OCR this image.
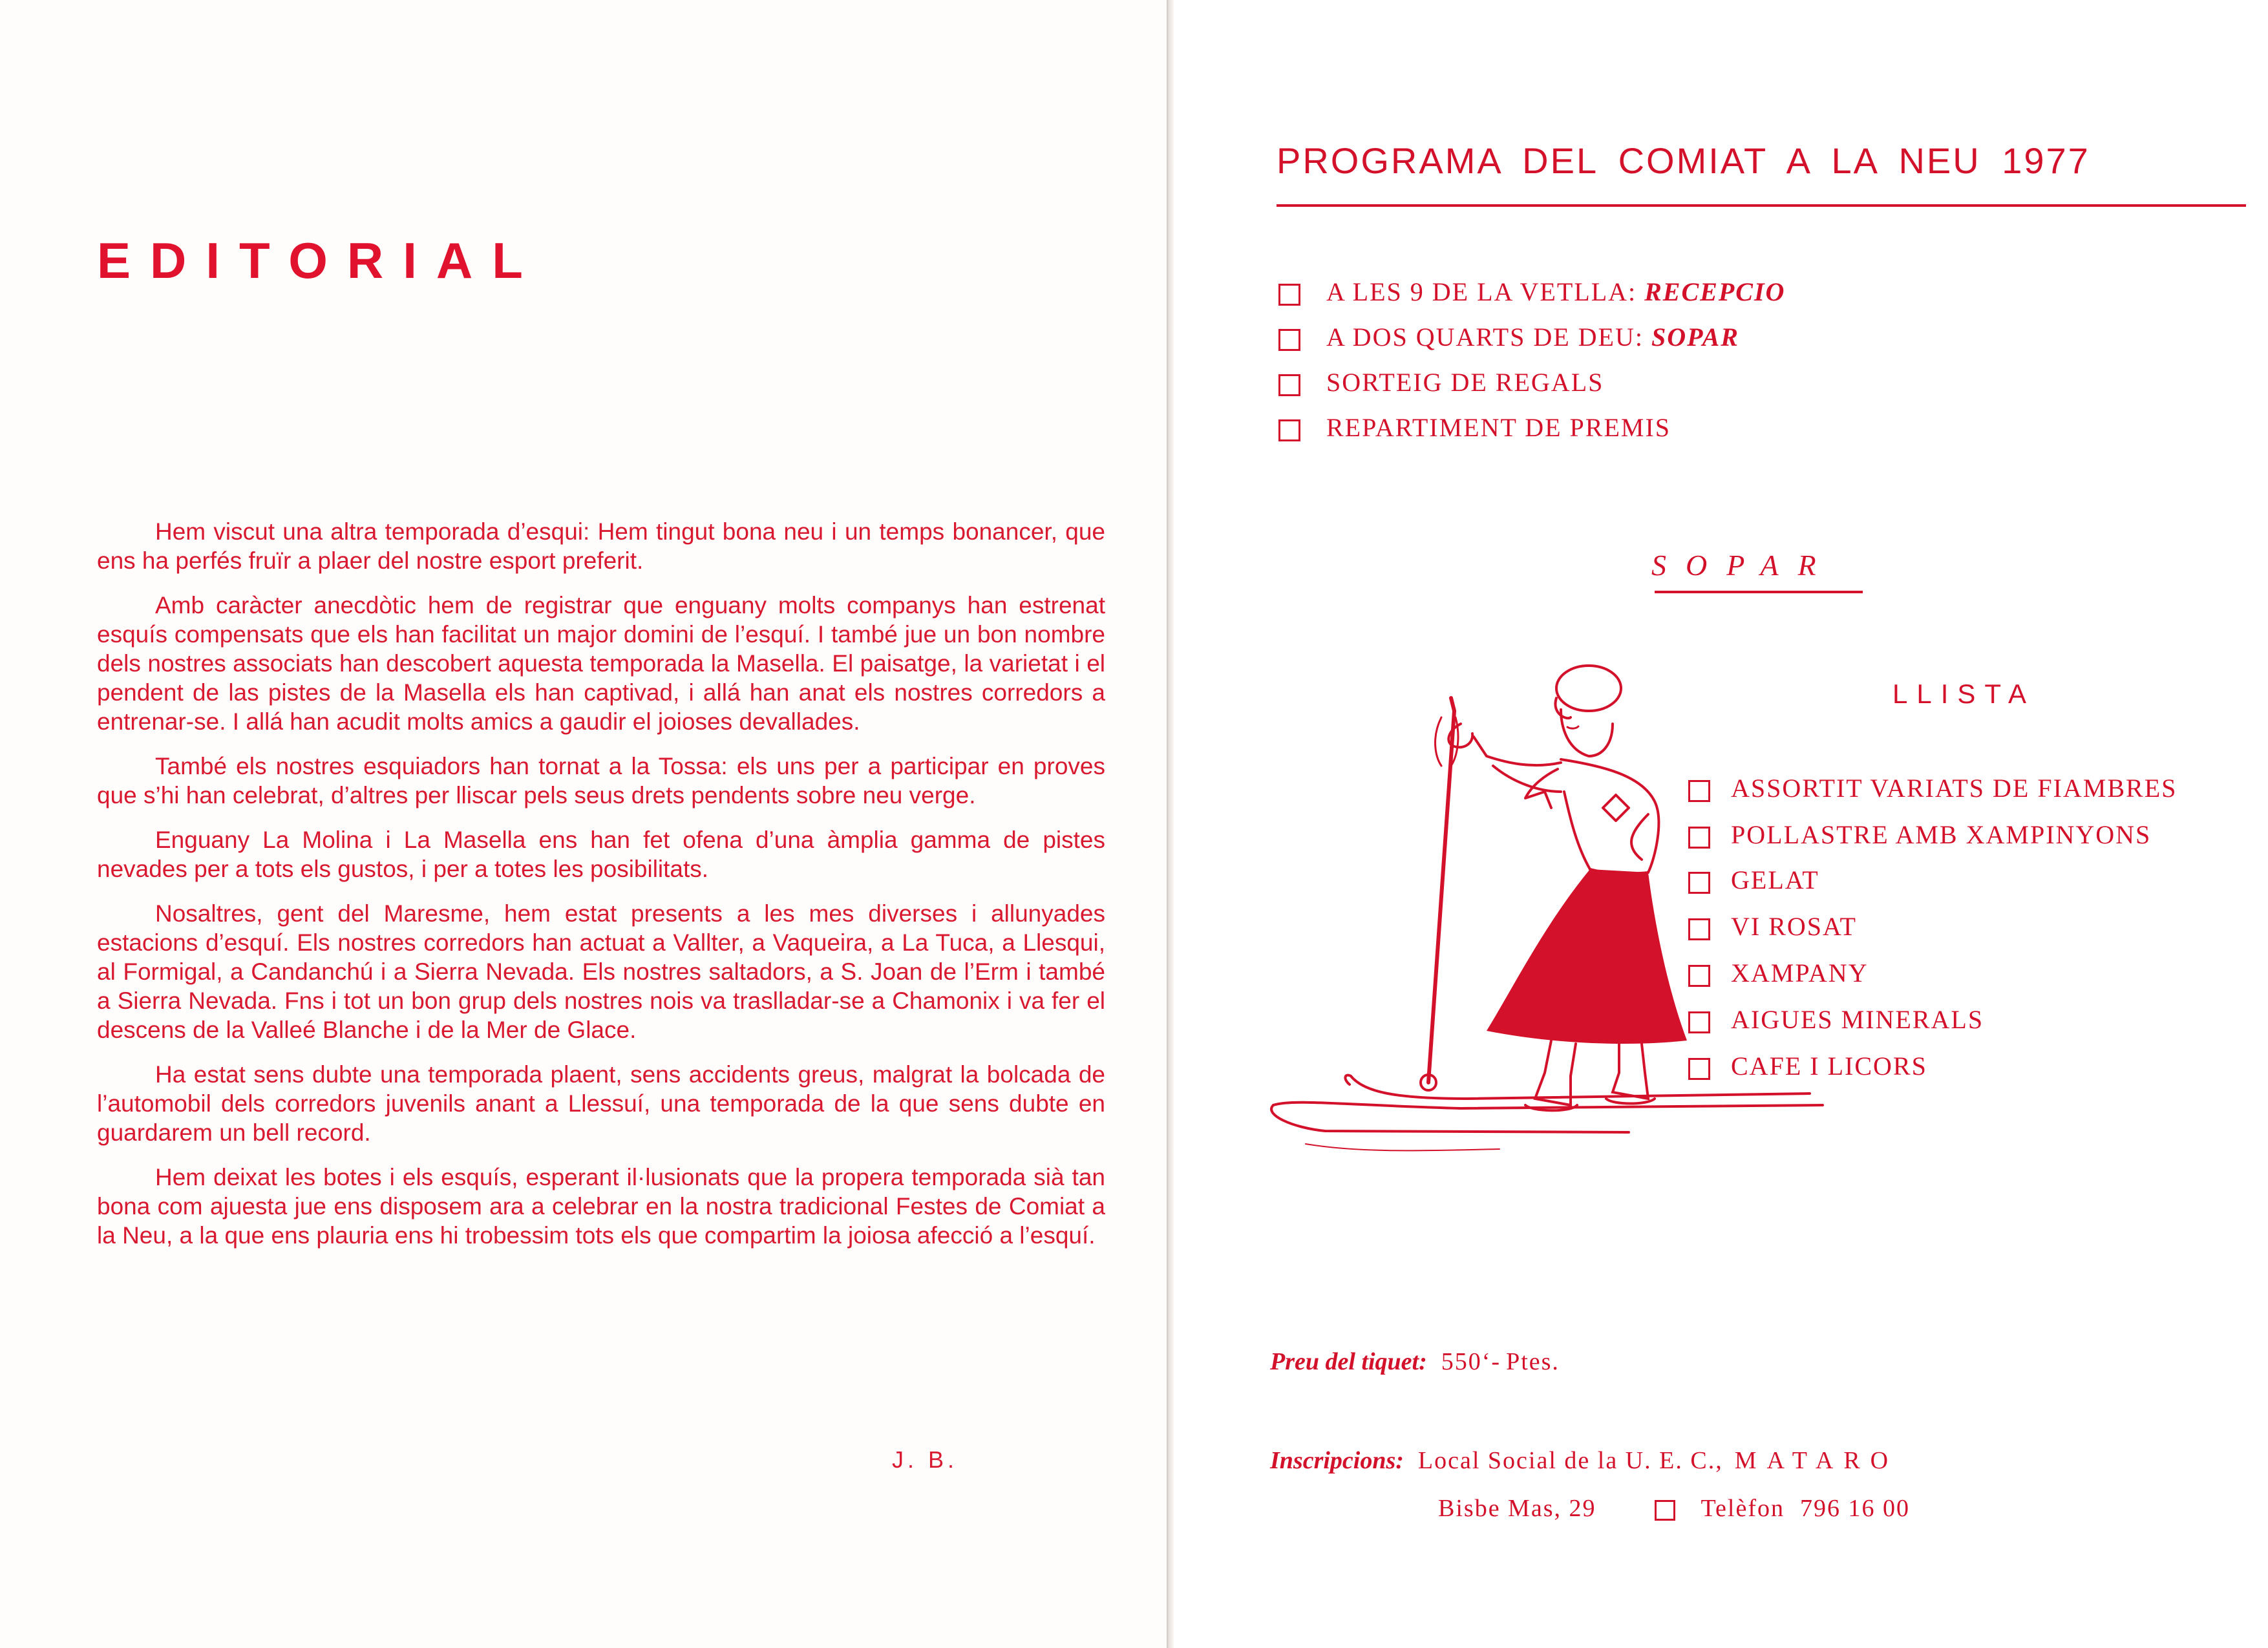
EDITORIAL

Hem viscut una altra temporada d’esqui: Hem tingut bona neu i un temps bonancer, que ens ha perfés fruïr a plaer del nostre esport preferit.

Amb caràcter anecdòtic hem de registrar que enguany molts companys han estrenat esquís compensats que els han facilitat un major domini de l’esquí. I també jue un bon nombre dels nostres associats han descobert aquesta temporada la Masella. El paisatge, la varietat i el pendent de las pistes de la Masella els han captivad, i allá han anat els nostres corredors a entrenar-se. I allá han acudit molts amics a gaudir el joioses devallades.

També els nostres esquiadors han tornat a la Tossa: els uns per a participar en proves que s’hi han celebrat, d’altres per lliscar pels seus drets pendents sobre neu verge.

Enguany La Molina i La Masella ens han fet ofena d’una àmplia gamma de pistes nevades per a tots els gustos, i per a totes les posibilitats.

Nosaltres, gent del Maresme, hem estat presents a les mes diverses i allunyades estacions d’esquí. Els nostres corredors han actuat a Vallter, a Vaqueira, a La Tuca, a Llesqui, al Formigal, a Candanchú i a Sierra Nevada. Els nostres saltadors, a S. Joan de l’Erm i també a Sierra Nevada. Fns i tot un bon grup dels nostres nois va traslladar-se a Chamonix i va fer el descens de la Valleé Blanche i de la Mer de Glace.

Ha estat sens dubte una temporada plaent, sens accidents greus, malgrat la bolcada de l’automobil dels corredors juvenils anant a Llessuí, una temporada de la que sens dubte en guardarem un bell record.

Hem deixat les botes i els esquís, esperant il·lusionats que la propera temporada sià tan bona com ajuesta jue ens disposem ara a celebrar en la nostra tradicional Festes de Comiat a la Neu, a la que ens plauria ens hi trobessim tots els que compartim la joiosa afecció a l’esquí.

J. B.
PROGRAMA DEL COMIAT A LA NEU 1977
A LES 9 DE LA VETLLA: RECEPCIO
A DOS QUARTS DE DEU: SOPAR
SORTEIG DE REGALS
REPARTIMENT DE PREMIS
SOPAR
LLISTA
ASSORTIT VARIATS DE FIAMBRES
POLLASTRE AMB XAMPINYONS
GELAT
VI ROSAT
XAMPANY
AIGUES MINERALS
CAFE I LICORS
Preu del tiquet: 550‘- Ptes.
Inscripcions: Local Social de la U. E. C., MATARO
Bisbe Mas, 29	Telèfon 796 16 00
